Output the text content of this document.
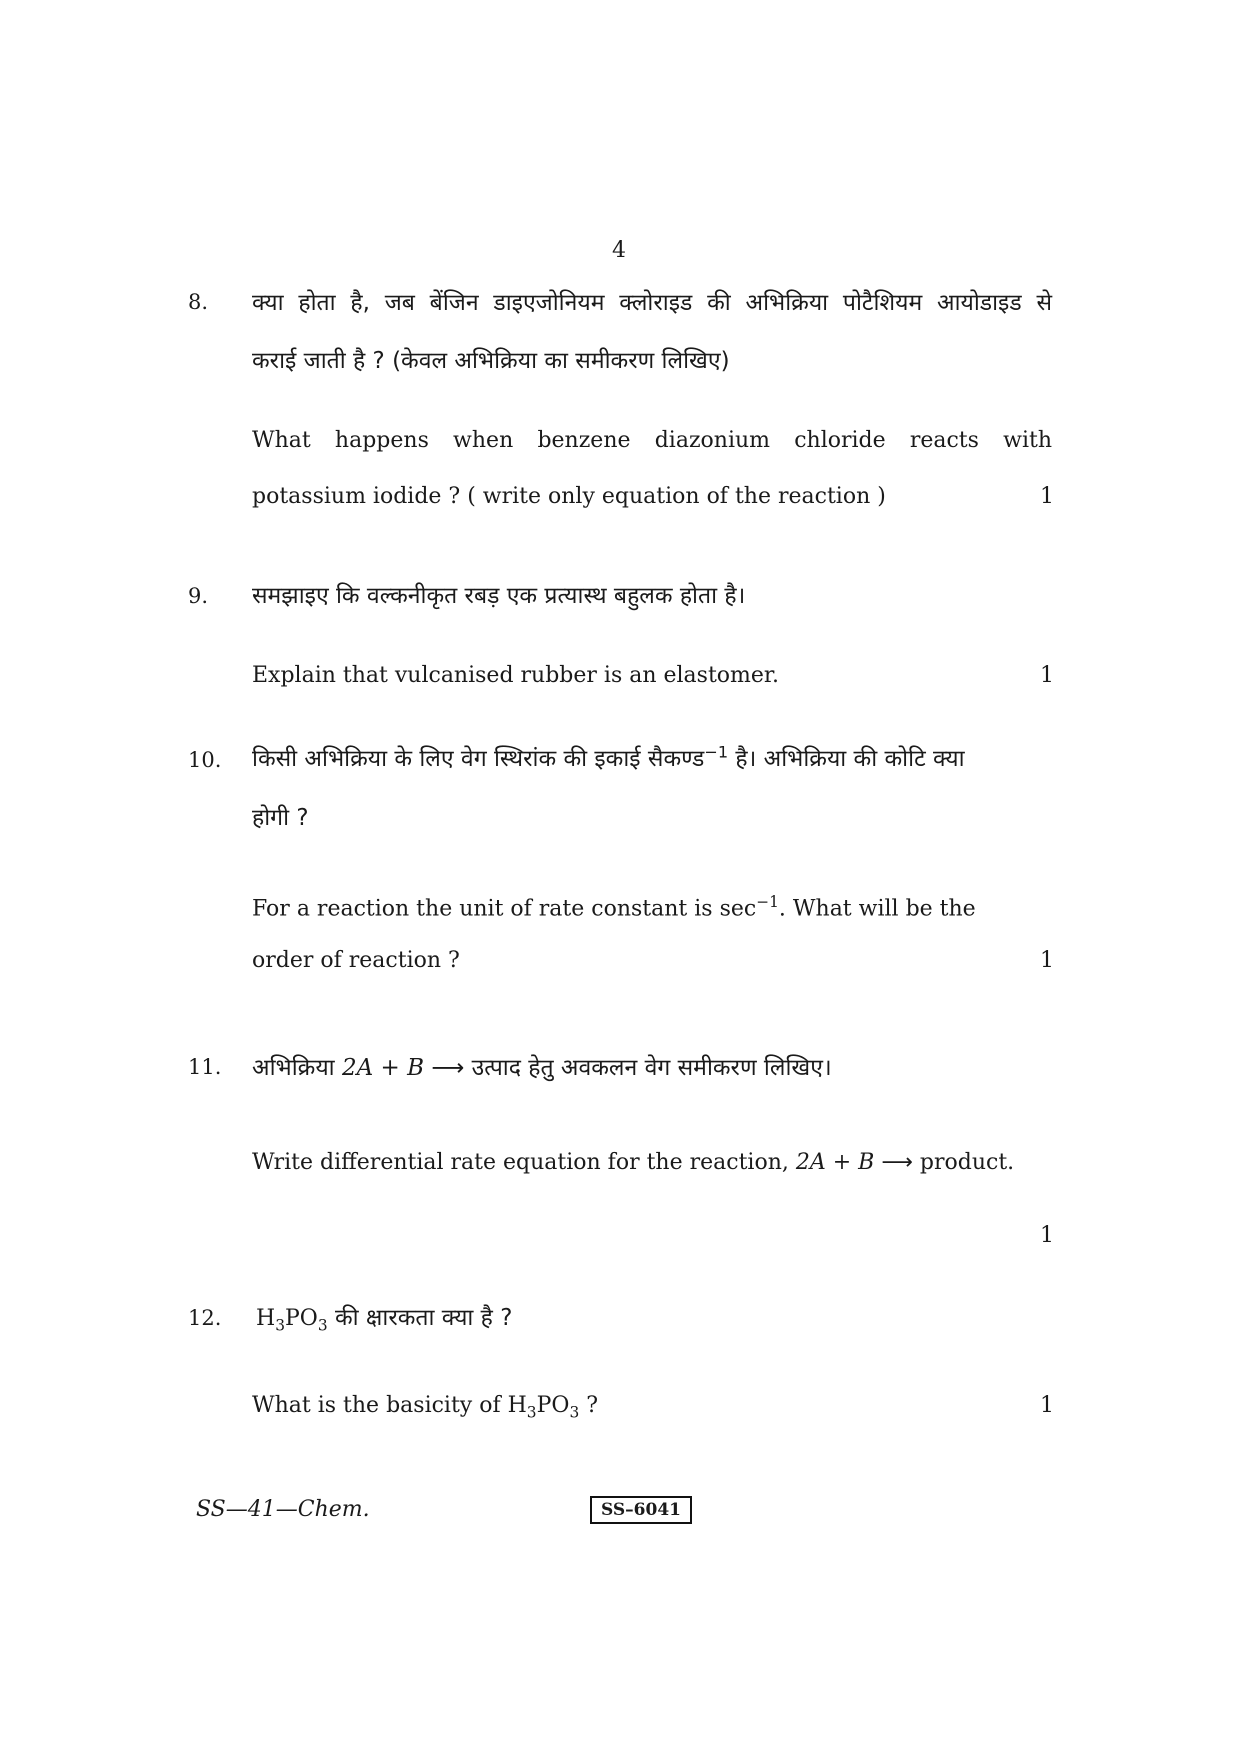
4
8. क्या होता है, जब बेंजिन डाइएजोनियम क्लोराइड की अभिक्रिया पोटैशियम आयोडाइड से
कराई जाती है ? (केवल अभिक्रिया का समीकरण लिखिए)
What happens when benzene diazonium chloride reacts with
potassium iodide ? ( write only equation of the reaction )	1
9. समझाइए कि वल्कनीकृत रबड़ एक प्रत्यास्थ बहुलक होता है।
Explain that vulcanised rubber is an elastomer.	1
10. किसी अभिक्रिया के लिए वेग स्थिरांक की इकाई सैकण्ड$^{-1}$ है। अभिक्रिया की कोटि क्या
होगी ?
For a reaction the unit of rate constant is $\sec^{-1}$. What will be the
order of reaction ?	1
11. अभिक्रिया 2A + B ⟶ उत्पाद हेतु अवकलन वेग समीकरण लिखिए।
Write differential rate equation for the reaction, 2A + B ⟶ product.
1
12. $H_3PO_3$ की क्षारकता क्या है ?
What is the basicity of $H_3PO_3$ ?	1
SS—41—Chem.	SS–6041
